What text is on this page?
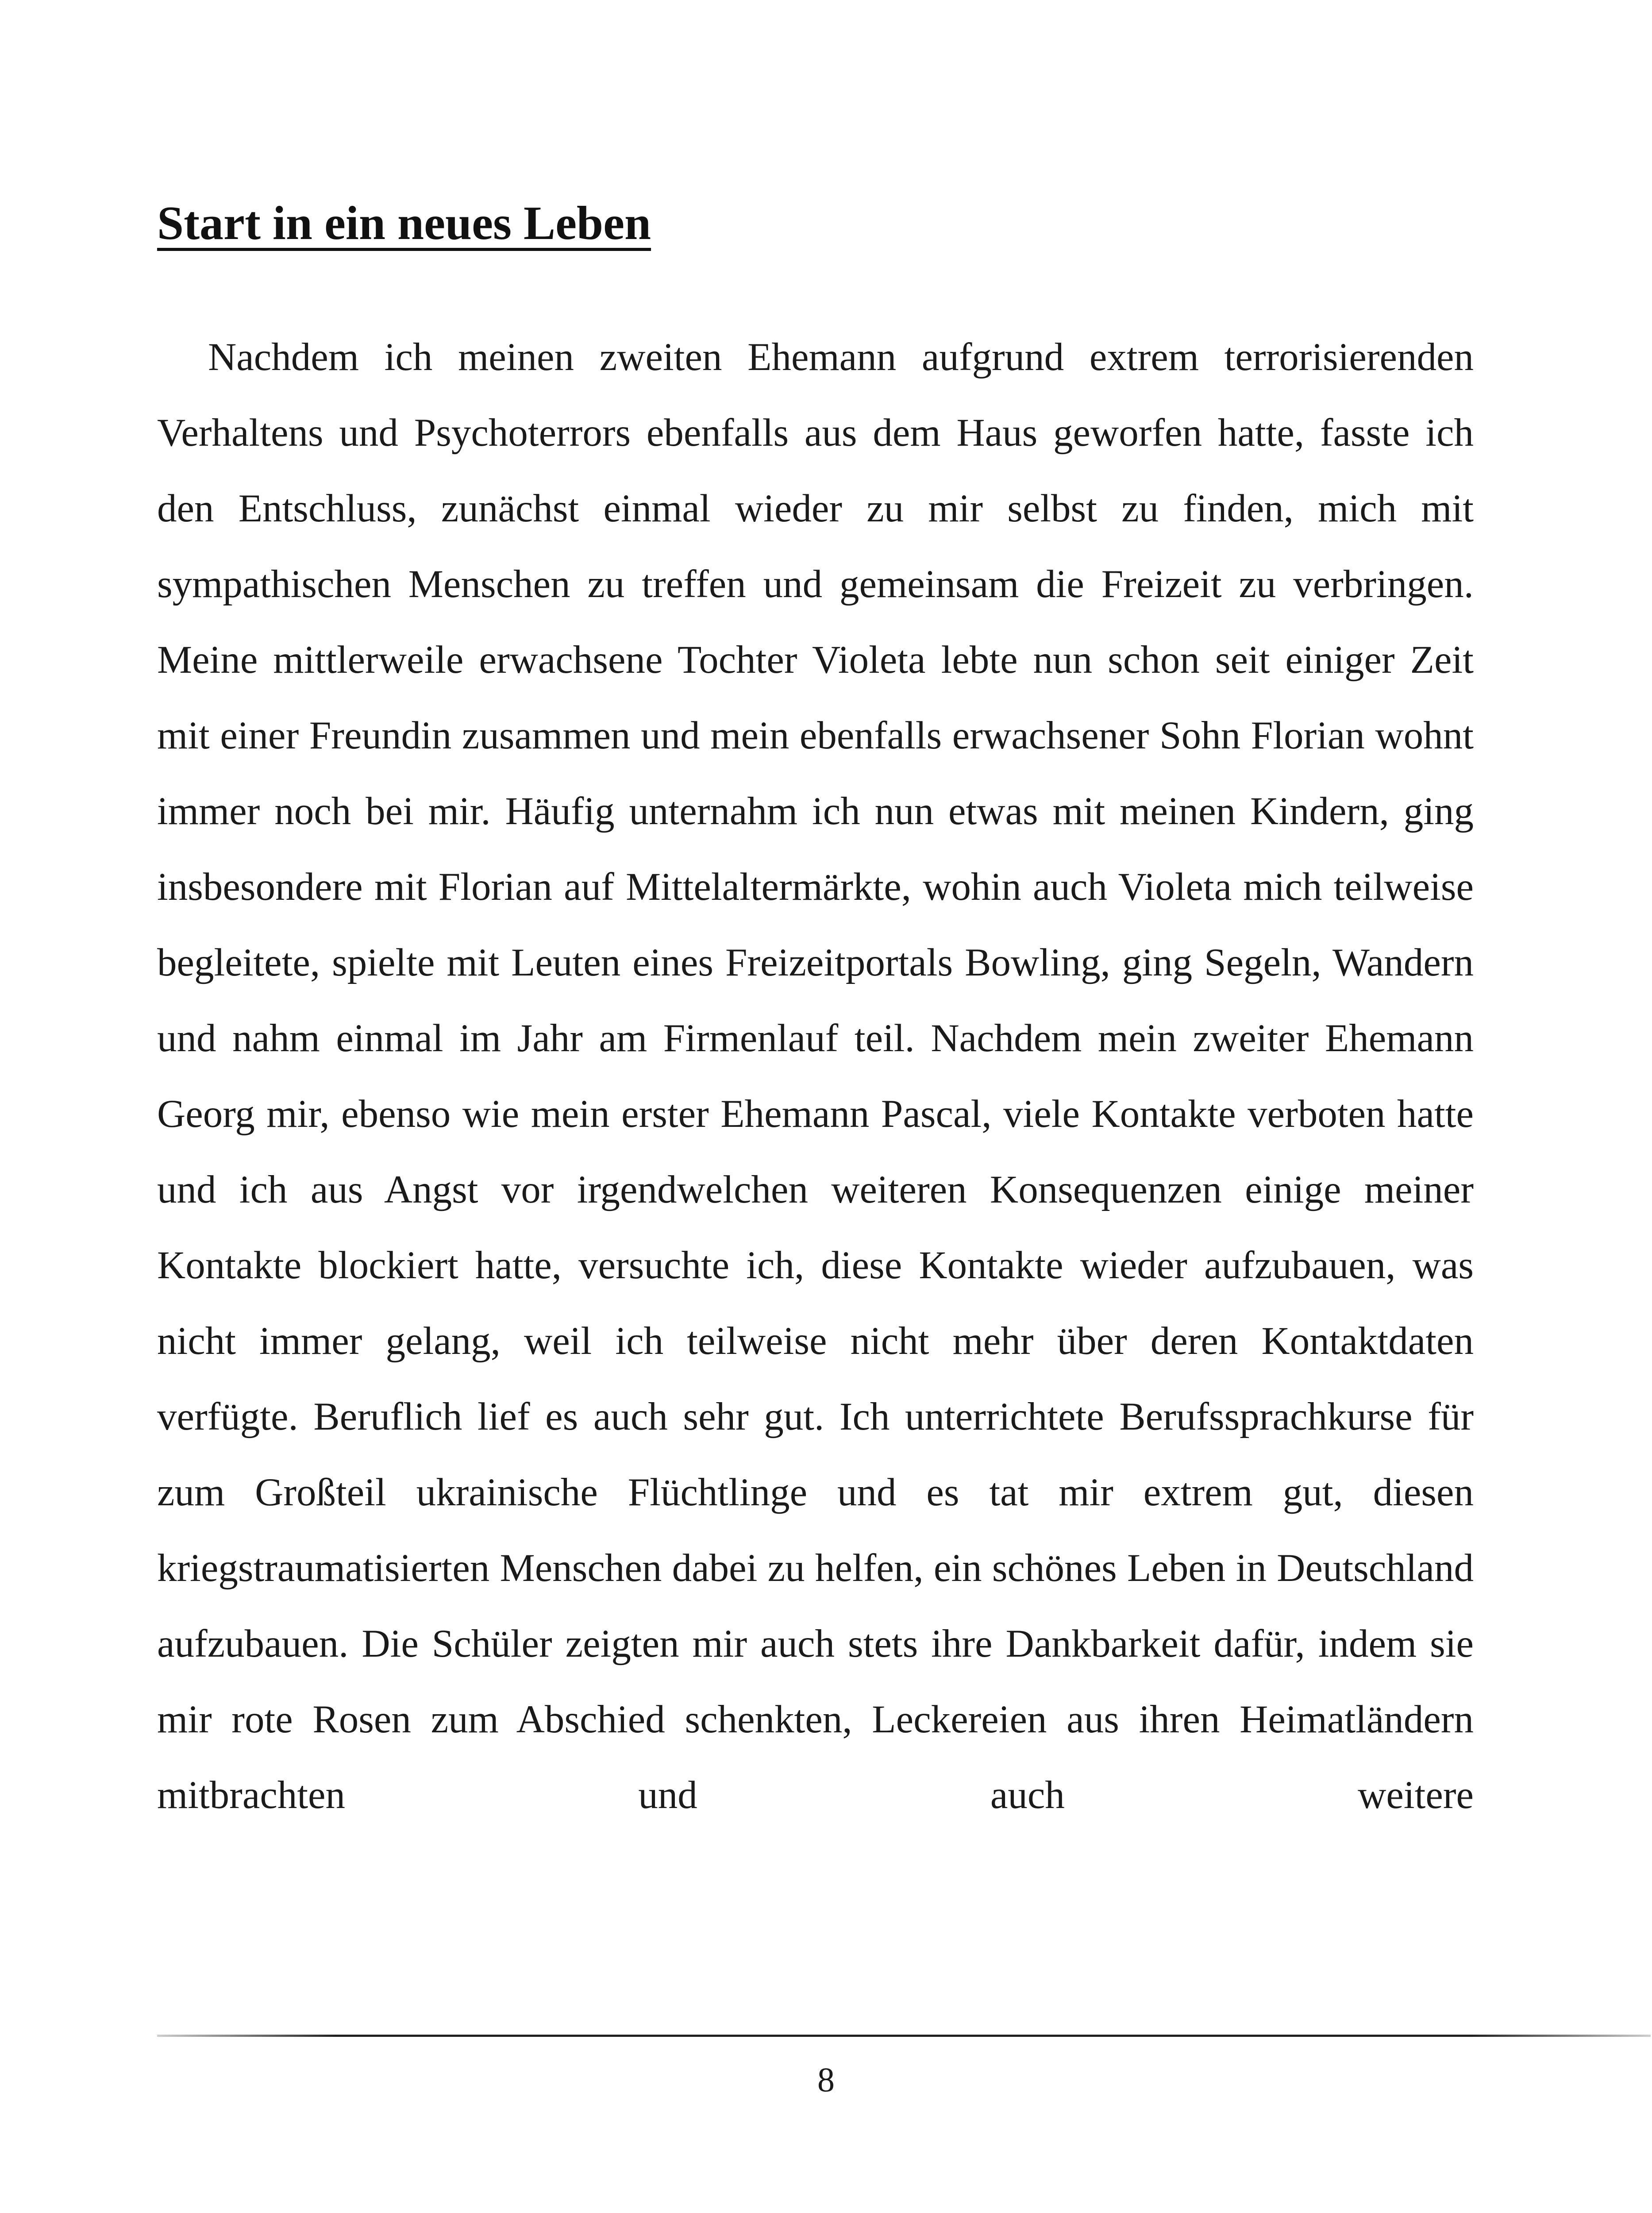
Start in ein neues Leben

Nachdem ich meinen zweiten Ehemann aufgrund extrem terrorisierenden Verhaltens und Psychoterrors ebenfalls aus dem Haus geworfen hatte, fasste ich den Entschluss, zunächst einmal wieder zu mir selbst zu finden, mich mit sympathischen Menschen zu treffen und gemeinsam die Freizeit zu verbringen. Meine mittlerweile erwachsene Tochter Violeta lebte nun schon seit einiger Zeit mit einer Freundin zusammen und mein ebenfalls erwachsener Sohn Florian wohnt immer noch bei mir. Häufig unternahm ich nun etwas mit meinen Kindern, ging insbesondere mit Florian auf Mittelaltermärkte, wohin auch Violeta mich teilweise begleitete, spielte mit Leuten eines Freizeitportals Bowling, ging Segeln, Wandern und nahm einmal im Jahr am Firmenlauf teil. Nachdem mein zweiter Ehemann Georg mir, ebenso wie mein erster Ehemann Pascal, viele Kontakte verboten hatte und ich aus Angst vor irgendwelchen weiteren Konsequenzen einige meiner Kontakte blockiert hatte, versuchte ich, diese Kontakte wieder aufzubauen, was nicht immer gelang, weil ich teilweise nicht mehr über deren Kontaktdaten verfügte. Beruflich lief es auch sehr gut. Ich unterrichtete Berufssprachkurse für zum Großteil ukrainische Flüchtlinge und es tat mir extrem gut, diesen kriegstraumatisierten Menschen dabei zu helfen, ein schönes Leben in Deutschland aufzubauen. Die Schüler zeigten mir auch stets ihre Dankbarkeit dafür, indem sie mir rote Rosen zum Abschied schenkten, Leckereien aus ihren Heimatländern mitbrachten und auch weitere

8
